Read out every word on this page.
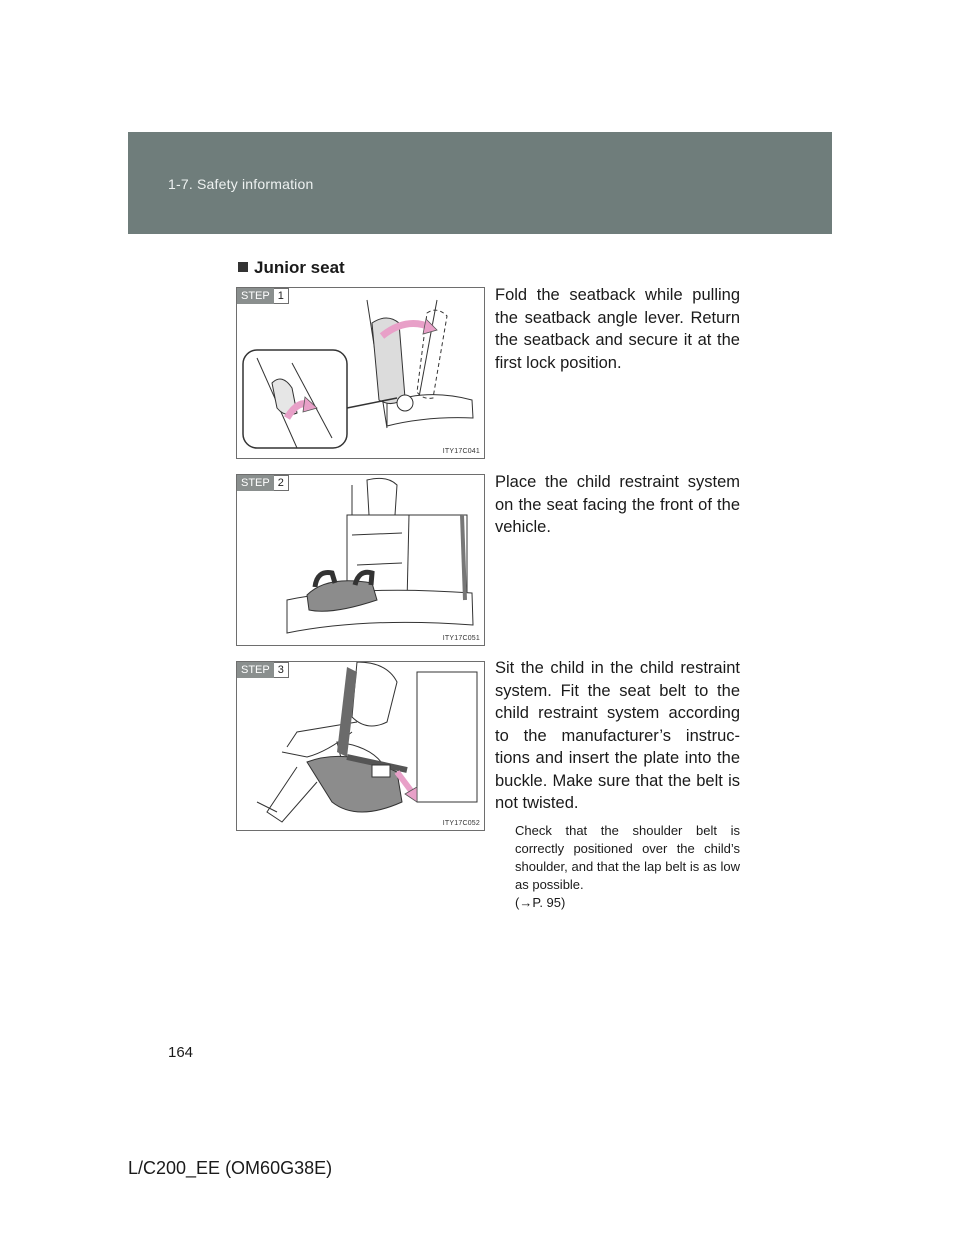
1-7. Safety information
Junior seat
STEP 1
ITY17C041
Fold the seatback while pulling the seatback angle lever. Return the seatback and secure it at the first lock position.
STEP 2
ITY17C051
Place the child restraint system on the seat facing the front of the vehicle.
STEP 3
ITY17C052
Sit the child in the child restraint system. Fit the seat belt to the child restraint system according to the manufacturer’s instruc-tions and insert the plate into the buckle. Make sure that the belt is not twisted.
Check that the shoulder belt is correctly positioned over the child’s shoulder, and that the lap belt is as low as possible.
(→P. 95)
164
L/C200_EE (OM60G38E)
